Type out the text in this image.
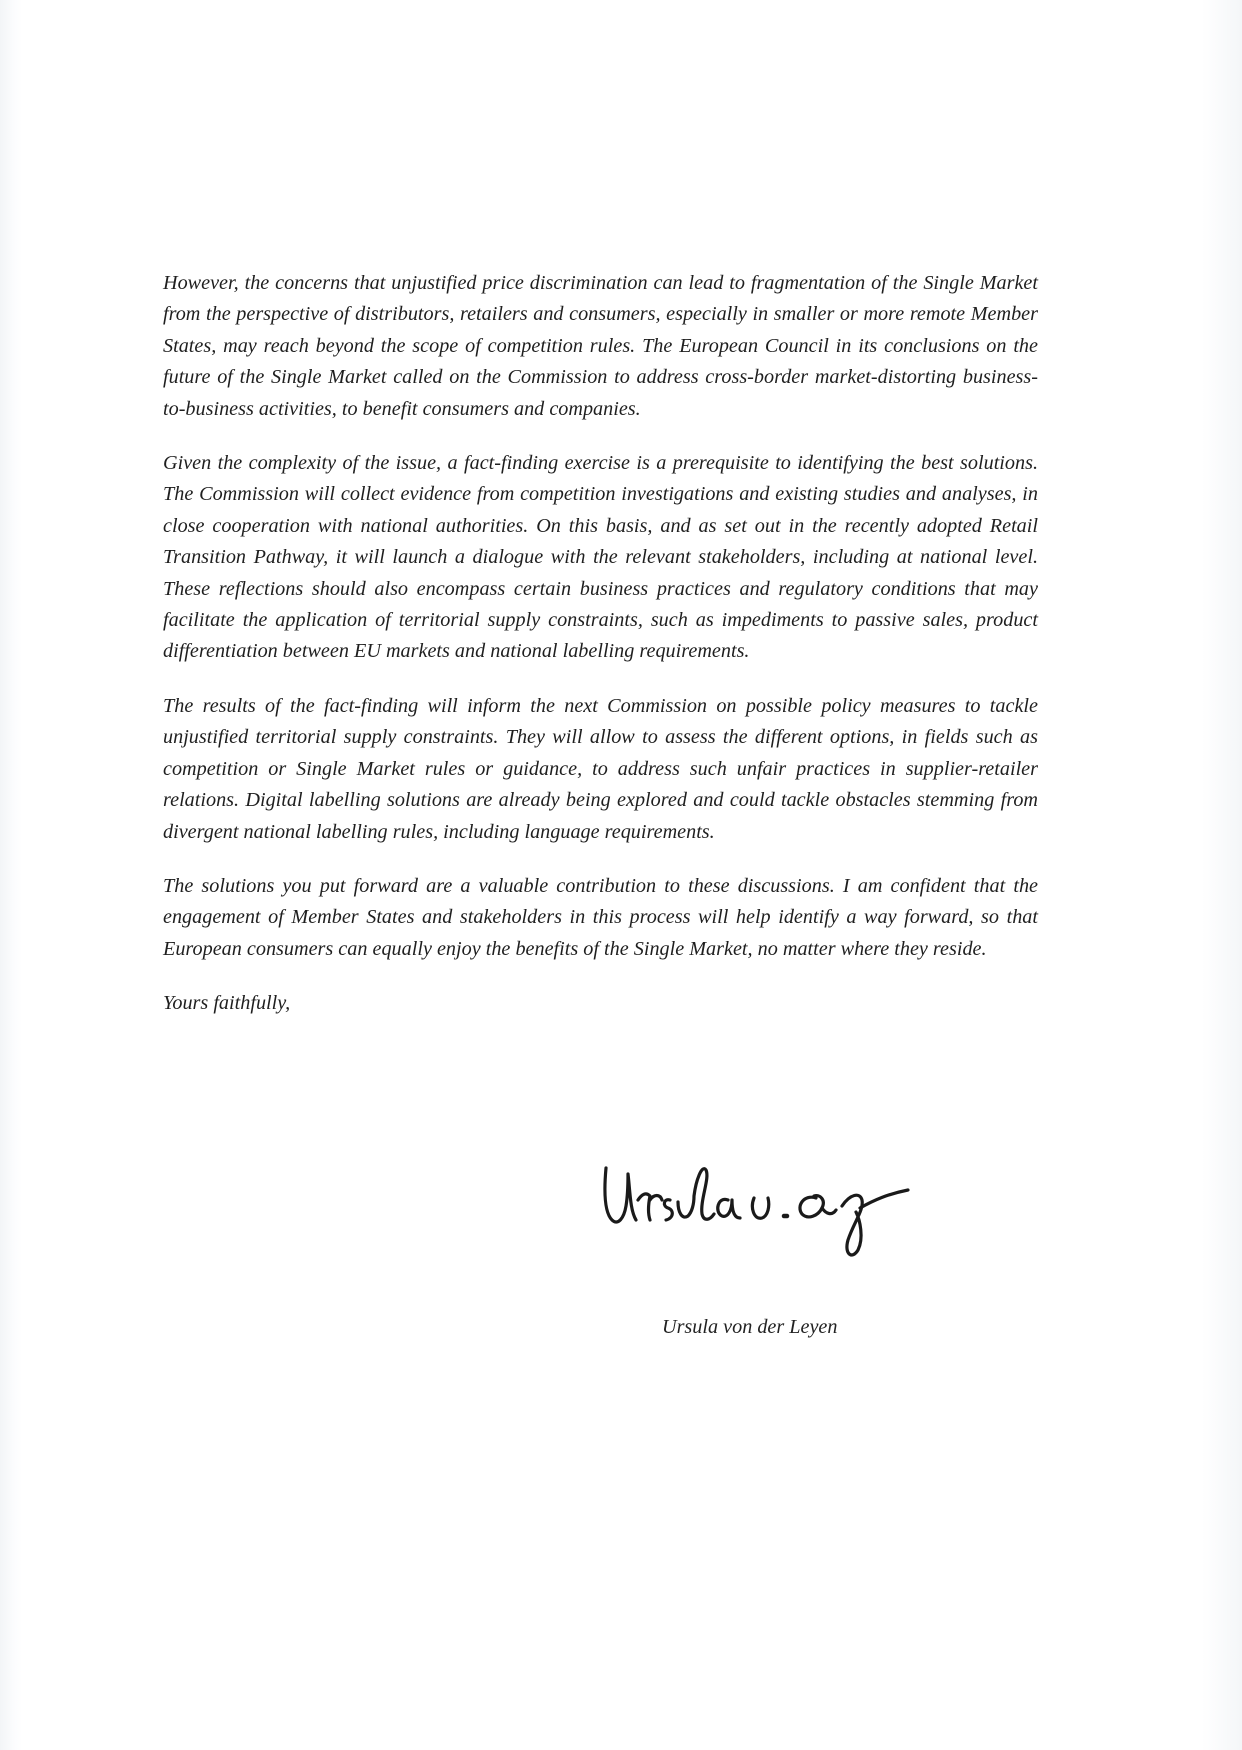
However, the concerns that unjustified price discrimination can lead to fragmentation of the Single Market from the perspective of distributors, retailers and consumers, especially in smaller or more remote Member States, may reach beyond the scope of competition rules. The European Council in its conclusions on the future of the Single Market called on the Commission to address cross-border market-distorting business-to-business activities, to benefit consumers and companies.

Given the complexity of the issue, a fact-finding exercise is a prerequisite to identifying the best solutions. The Commission will collect evidence from competition investigations and existing studies and analyses, in close cooperation with national authorities. On this basis, and as set out in the recently adopted Retail Transition Pathway, it will launch a dialogue with the relevant stakeholders, including at national level. These reflections should also encompass certain business practices and regulatory conditions that may facilitate the application of territorial supply constraints, such as impediments to passive sales, product differentiation between EU markets and national labelling requirements.

The results of the fact-finding will inform the next Commission on possible policy measures to tackle unjustified territorial supply constraints. They will allow to assess the different options, in fields such as competition or Single Market rules or guidance, to address such unfair practices in supplier-retailer relations. Digital labelling solutions are already being explored and could tackle obstacles stemming from divergent national labelling rules, including language requirements.

The solutions you put forward are a valuable contribution to these discussions. I am confident that the engagement of Member States and stakeholders in this process will help identify a way forward, so that European consumers can equally enjoy the benefits of the Single Market, no matter where they reside.

Yours faithfully,

Ursula von der Leyen
